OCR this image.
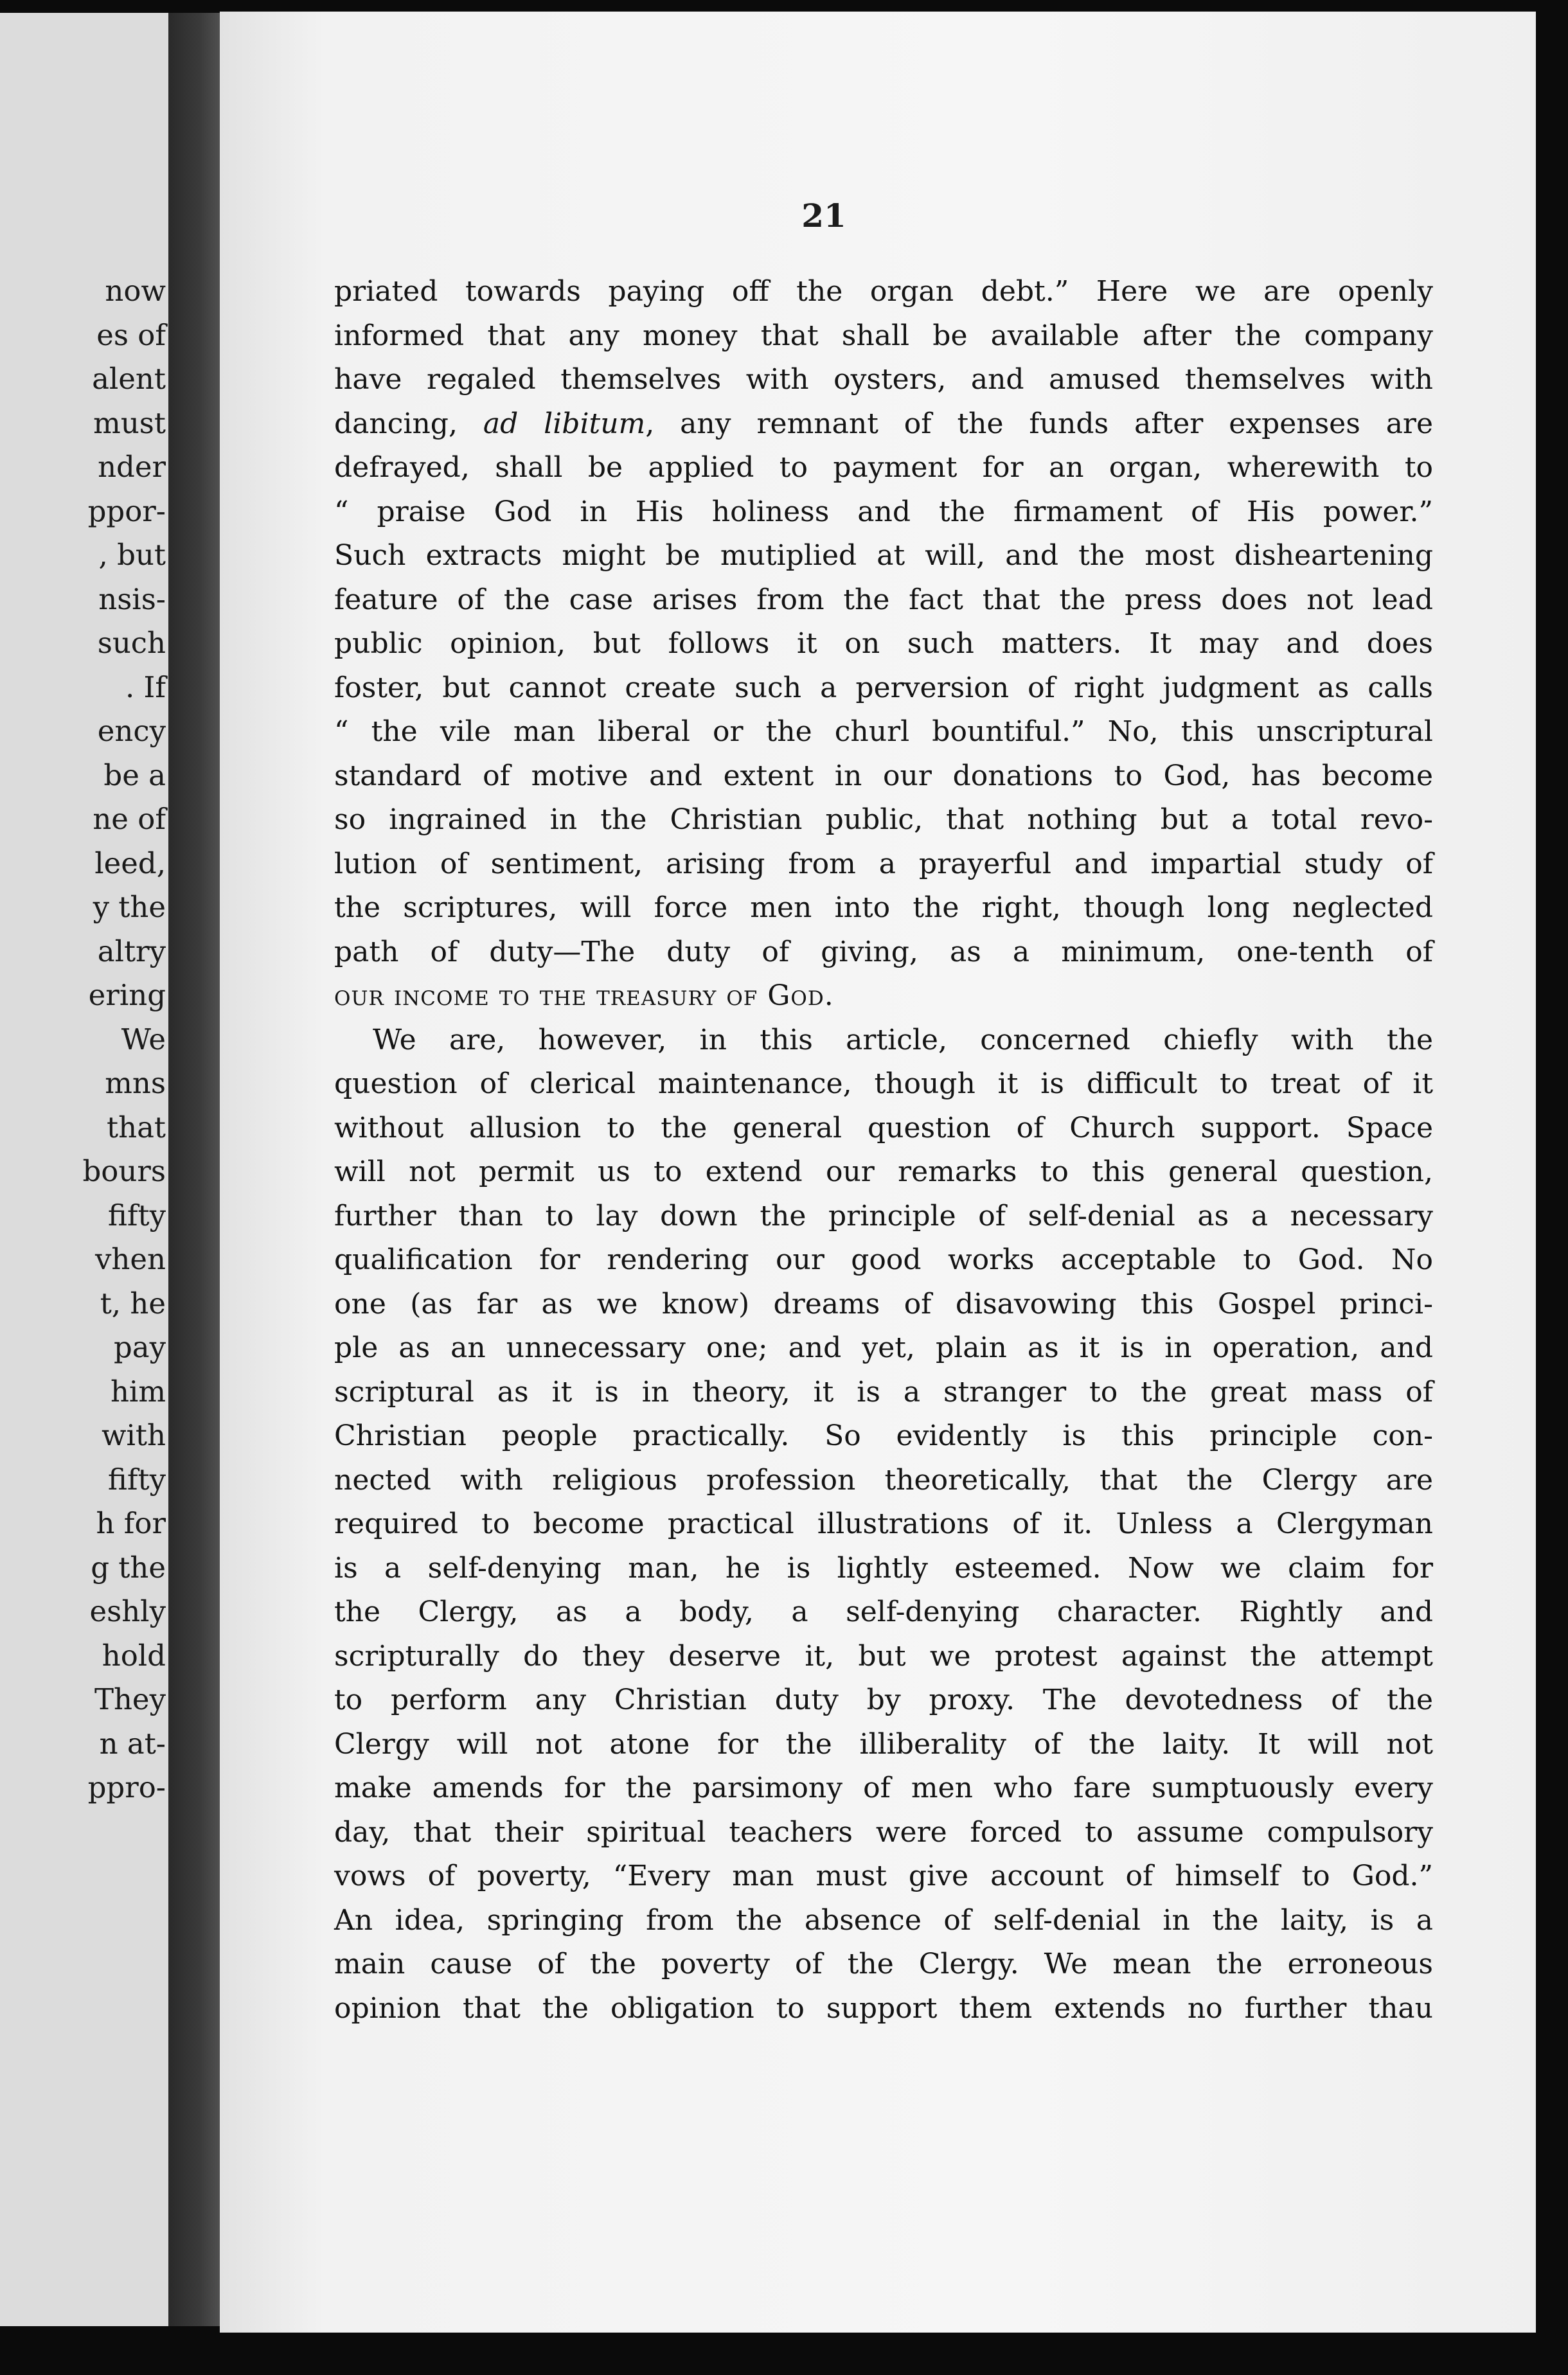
now
es of
alent
must
nder
ppor-
, but
nsis-
such
. If
ency
be a
ne of
leed,
y the
altry
ering
We
mns
that
bours
fifty
vhen
t, he
pay
him
with
fifty
h for
g the
eshly
hold
They
n at-
ppro-
21
priated towards paying off the organ debt.” Here we are openly
informed that any money that shall be available after the company
have regaled themselves with oysters, and amused themselves with
dancing, ad libitum, any remnant of the funds after expenses are
defrayed, shall be applied to payment for an organ, wherewith to
“ praise God in His holiness and the firmament of His power.”
Such extracts might be mutiplied at will, and the most disheartening
feature of the case arises from the fact that the press does not lead
public opinion, but follows it on such matters. It may and does
foster, but cannot create such a perversion of right judgment as calls
“ the vile man liberal or the churl bountiful.” No, this unscriptural
standard of motive and extent in our donations to God, has become
so ingrained in the Christian public, that nothing but a total revo-
lution of sentiment, arising from a prayerful and impartial study of
the scriptures, will force men into the right, though long neglected
path of duty—The duty of giving, as a minimum, one-tenth of
our income to the treasury of God.
We are, however, in this article, concerned chiefly with the
question of clerical maintenance, though it is difficult to treat of it
without allusion to the general question of Church support. Space
will not permit us to extend our remarks to this general question,
further than to lay down the principle of self-denial as a necessary
qualification for rendering our good works acceptable to God. No
one (as far as we know) dreams of disavowing this Gospel princi-
ple as an unnecessary one; and yet, plain as it is in operation, and
scriptural as it is in theory, it is a stranger to the great mass of
Christian people practically. So evidently is this principle con-
nected with religious profession theoretically, that the Clergy are
required to become practical illustrations of it. Unless a Clergyman
is a self-denying man, he is lightly esteemed. Now we claim for
the Clergy, as a body, a self-denying character. Rightly and
scripturally do they deserve it, but we protest against the attempt
to perform any Christian duty by proxy. The devotedness of the
Clergy will not atone for the illiberality of the laity. It will not
make amends for the parsimony of men who fare sumptuously every
day, that their spiritual teachers were forced to assume compulsory
vows of poverty, “Every man must give account of himself to God.”
An idea, springing from the absence of self-denial in the laity, is a
main cause of the poverty of the Clergy. We mean the erroneous
opinion that the obligation to support them extends no further thau
